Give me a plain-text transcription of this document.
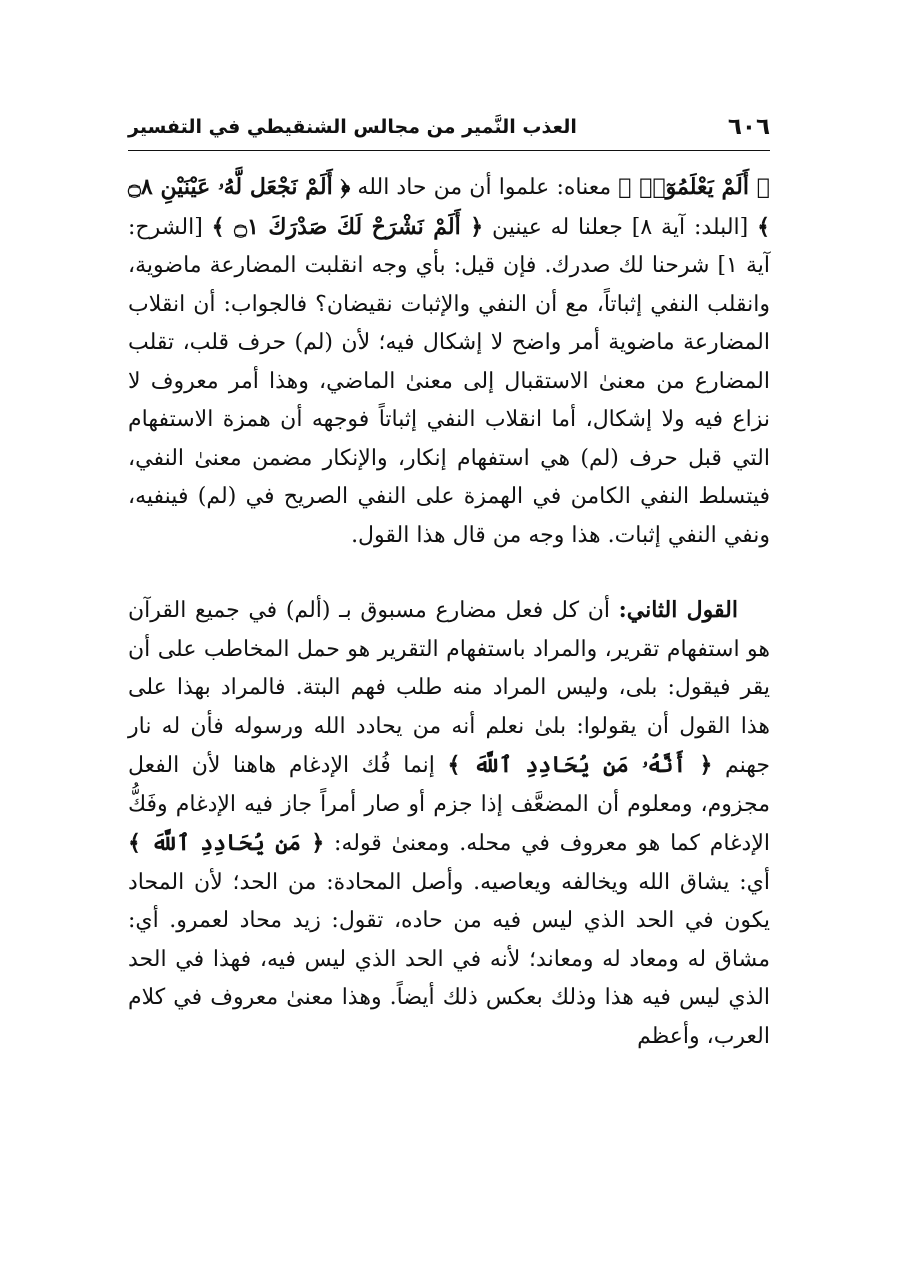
٦٠٦
العذب النَّمير من مجالس الشنقيطي في التفسير

﴿ أَلَمْ يَعْلَمُوٓا۟ ﴾ معناه: علموا أن من حاد الله ﴿ أَلَمْ نَجْعَل لَّهُۥ عَيْنَيْنِ ۝٨ ﴾ [البلد: آية ٨] جعلنا له عينين ﴿ أَلَمْ نَشْرَحْ لَكَ صَدْرَكَ ۝١ ﴾ [الشرح: آية ١] شرحنا لك صدرك. فإن قيل: بأي وجه انقلبت المضارعة ماضوية، وانقلب النفي إثباتاً، مع أن النفي والإثبات نقيضان؟ فالجواب: أن انقلاب المضارعة ماضوية أمر واضح لا إشكال فيه؛ لأن (لم) حرف قلب، تقلب المضارع من معنىٰ الاستقبال إلى معنىٰ الماضي، وهذا أمر معروف لا نزاع فيه ولا إشكال، أما انقلاب النفي إثباتاً فوجهه أن همزة الاستفهام التي قبل حرف (لم) هي استفهام إنكار، والإنكار مضمن معنىٰ النفي، فيتسلط النفي الكامن في الهمزة على النفي الصريح في (لم) فينفيه، ونفي النفي إثبات. هذا وجه من قال هذا القول.

القول الثاني: أن كل فعل مضارع مسبوق بـ (ألم) في جميع القرآن هو استفهام تقرير، والمراد باستفهام التقرير هو حمل المخاطب على أن يقر فيقول: بلى، وليس المراد منه طلب فهم البتة. فالمراد بهذا على هذا القول أن يقولوا: بلىٰ نعلم أنه من يحادد الله ورسوله فأن له نار جهنم ﴿ أَنَّهُۥ مَن يُحَادِدِ ٱللَّهَ ﴾ إنما فُك الإدغام هاهنا لأن الفعل مجزوم، ومعلوم أن المضعَّف إذا جزم أو صار أمراً جاز فيه الإدغام وفَكُّ الإدغام كما هو معروف في محله. ومعنىٰ قوله: ﴿ مَن يُحَادِدِ ٱللَّهَ ﴾ أي: يشاق الله ويخالفه ويعاصيه. وأصل المحادة: من الحد؛ لأن المحاد يكون في الحد الذي ليس فيه من حاده، تقول: زيد محاد لعمرو. أي: مشاق له ومعاد له ومعاند؛ لأنه في الحد الذي ليس فيه، فهذا في الحد الذي ليس فيه هذا وذلك بعكس ذلك أيضاً. وهذا معنىٰ معروف في كلام العرب، وأعظم
